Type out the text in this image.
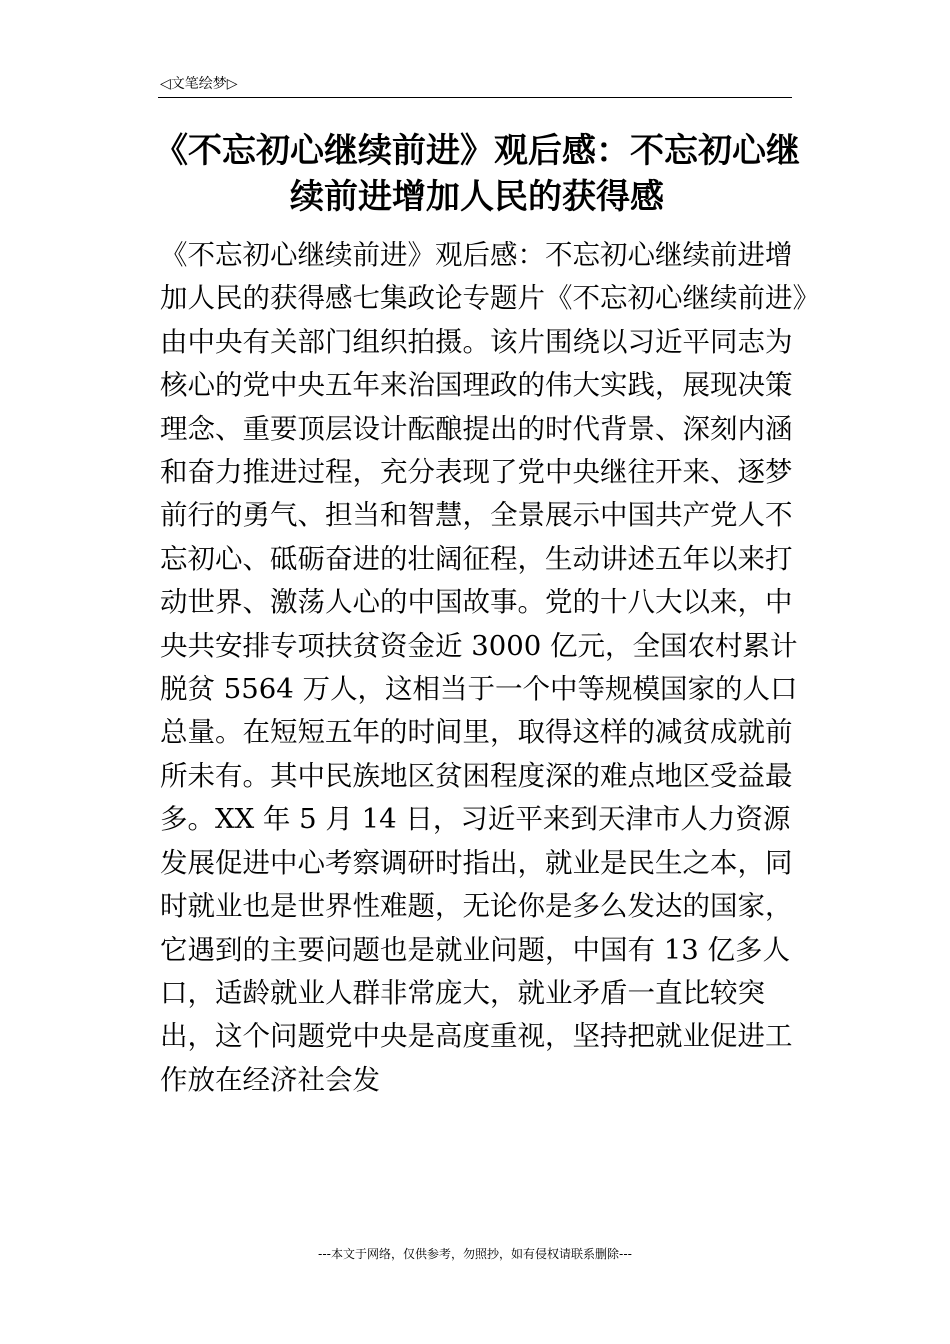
◁文笔绘梦▷
《不忘初心继续前进》观后感：不忘初心继续前进增加人民的获得感

《不忘初心继续前进》观后感：不忘初心继续前进增加人民的获得感七集政论专题片《不忘初心继续前进》由中央有关部门组织拍摄。该片围绕以习近平同志为核心的党中央五年来治国理政的伟大实践，展现决策理念、重要顶层设计酝酿提出的时代背景、深刻内涵和奋力推进过程，充分表现了党中央继往开来、逐梦前行的勇气、担当和智慧，全景展示中国共产党人不忘初心、砥砺奋进的壮阔征程，生动讲述五年以来打动世界、激荡人心的中国故事。党的十八大以来，中央共安排专项扶贫资金近 3000 亿元，全国农村累计脱贫 5564 万人，这相当于一个中等规模国家的人口总量。在短短五年的时间里，取得这样的减贫成就前所未有。其中民族地区贫困程度深的难点地区受益最多。XX 年 5 月 14 日，习近平来到天津市人力资源发展促进中心考察调研时指出，就业是民生之本，同时就业也是世界性难题，无论你是多么发达的国家，它遇到的主要问题也是就业问题，中国有 13 亿多人口，适龄就业人群非常庞大，就业矛盾一直比较突出，这个问题党中央是高度重视，坚持把就业促进工作放在经济社会发

---本文于网络，仅供参考，勿照抄，如有侵权请联系删除---
